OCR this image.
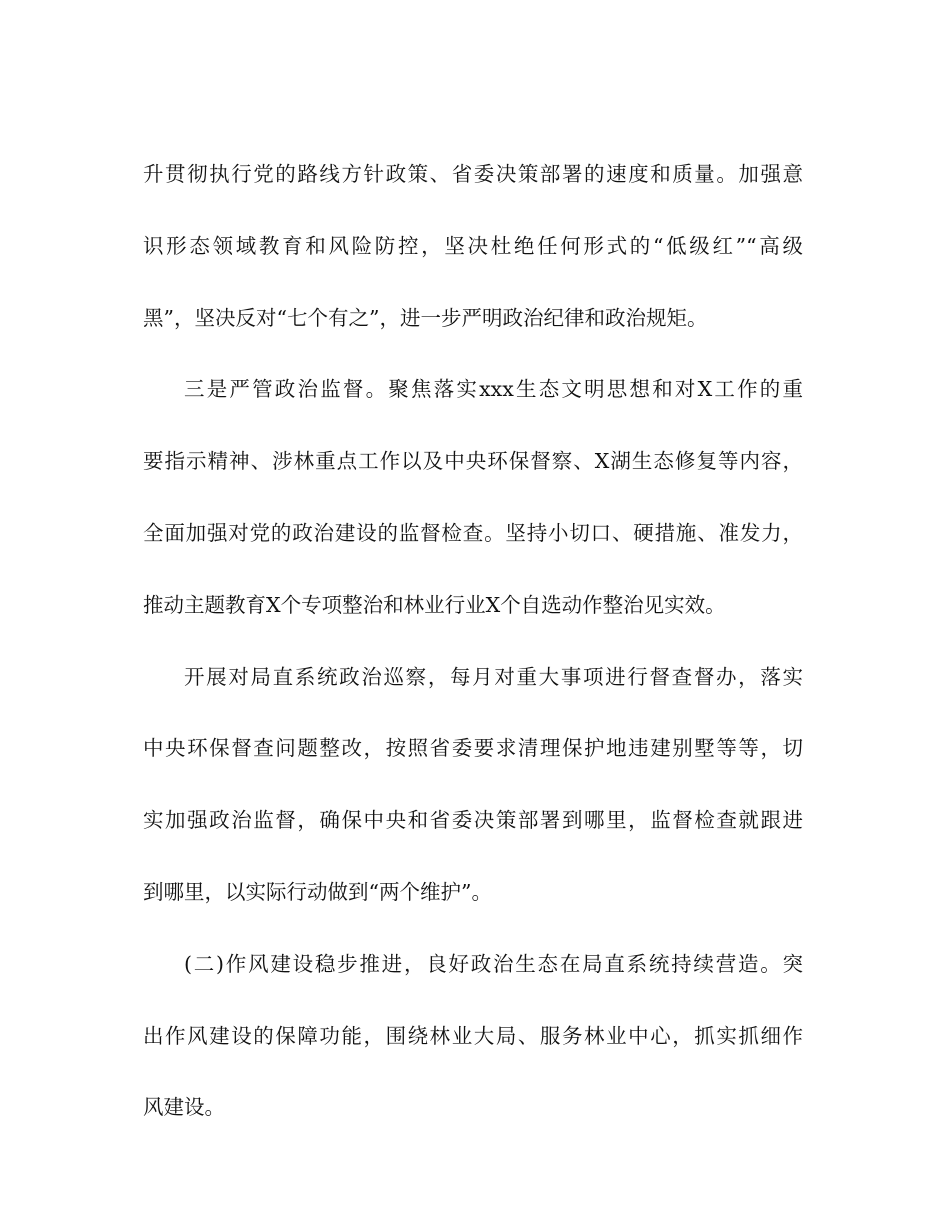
升贯彻执行党的路线方针政策、省委决策部署的速度和质量。加强意
识形态领域教育和风险防控，坚决杜绝任何形式的“低级红”“高级
黑”，坚决反对“七个有之”，进一步严明政治纪律和政治规矩。
三是严管政治监督。聚焦落实xxx生态文明思想和对X工作的重
要指示精神、涉林重点工作以及中央环保督察、X湖生态修复等内容，
全面加强对党的政治建设的监督检查。坚持小切口、硬措施、准发力，
推动主题教育X个专项整治和林业行业X个自选动作整治见实效。
开展对局直系统政治巡察，每月对重大事项进行督查督办，落实
中央环保督查问题整改，按照省委要求清理保护地违建别墅等等，切
实加强政治监督，确保中央和省委决策部署到哪里，监督检查就跟进
到哪里，以实际行动做到“两个维护”。
(二)作风建设稳步推进，良好政治生态在局直系统持续营造。突
出作风建设的保障功能，围绕林业大局、服务林业中心，抓实抓细作
风建设。
